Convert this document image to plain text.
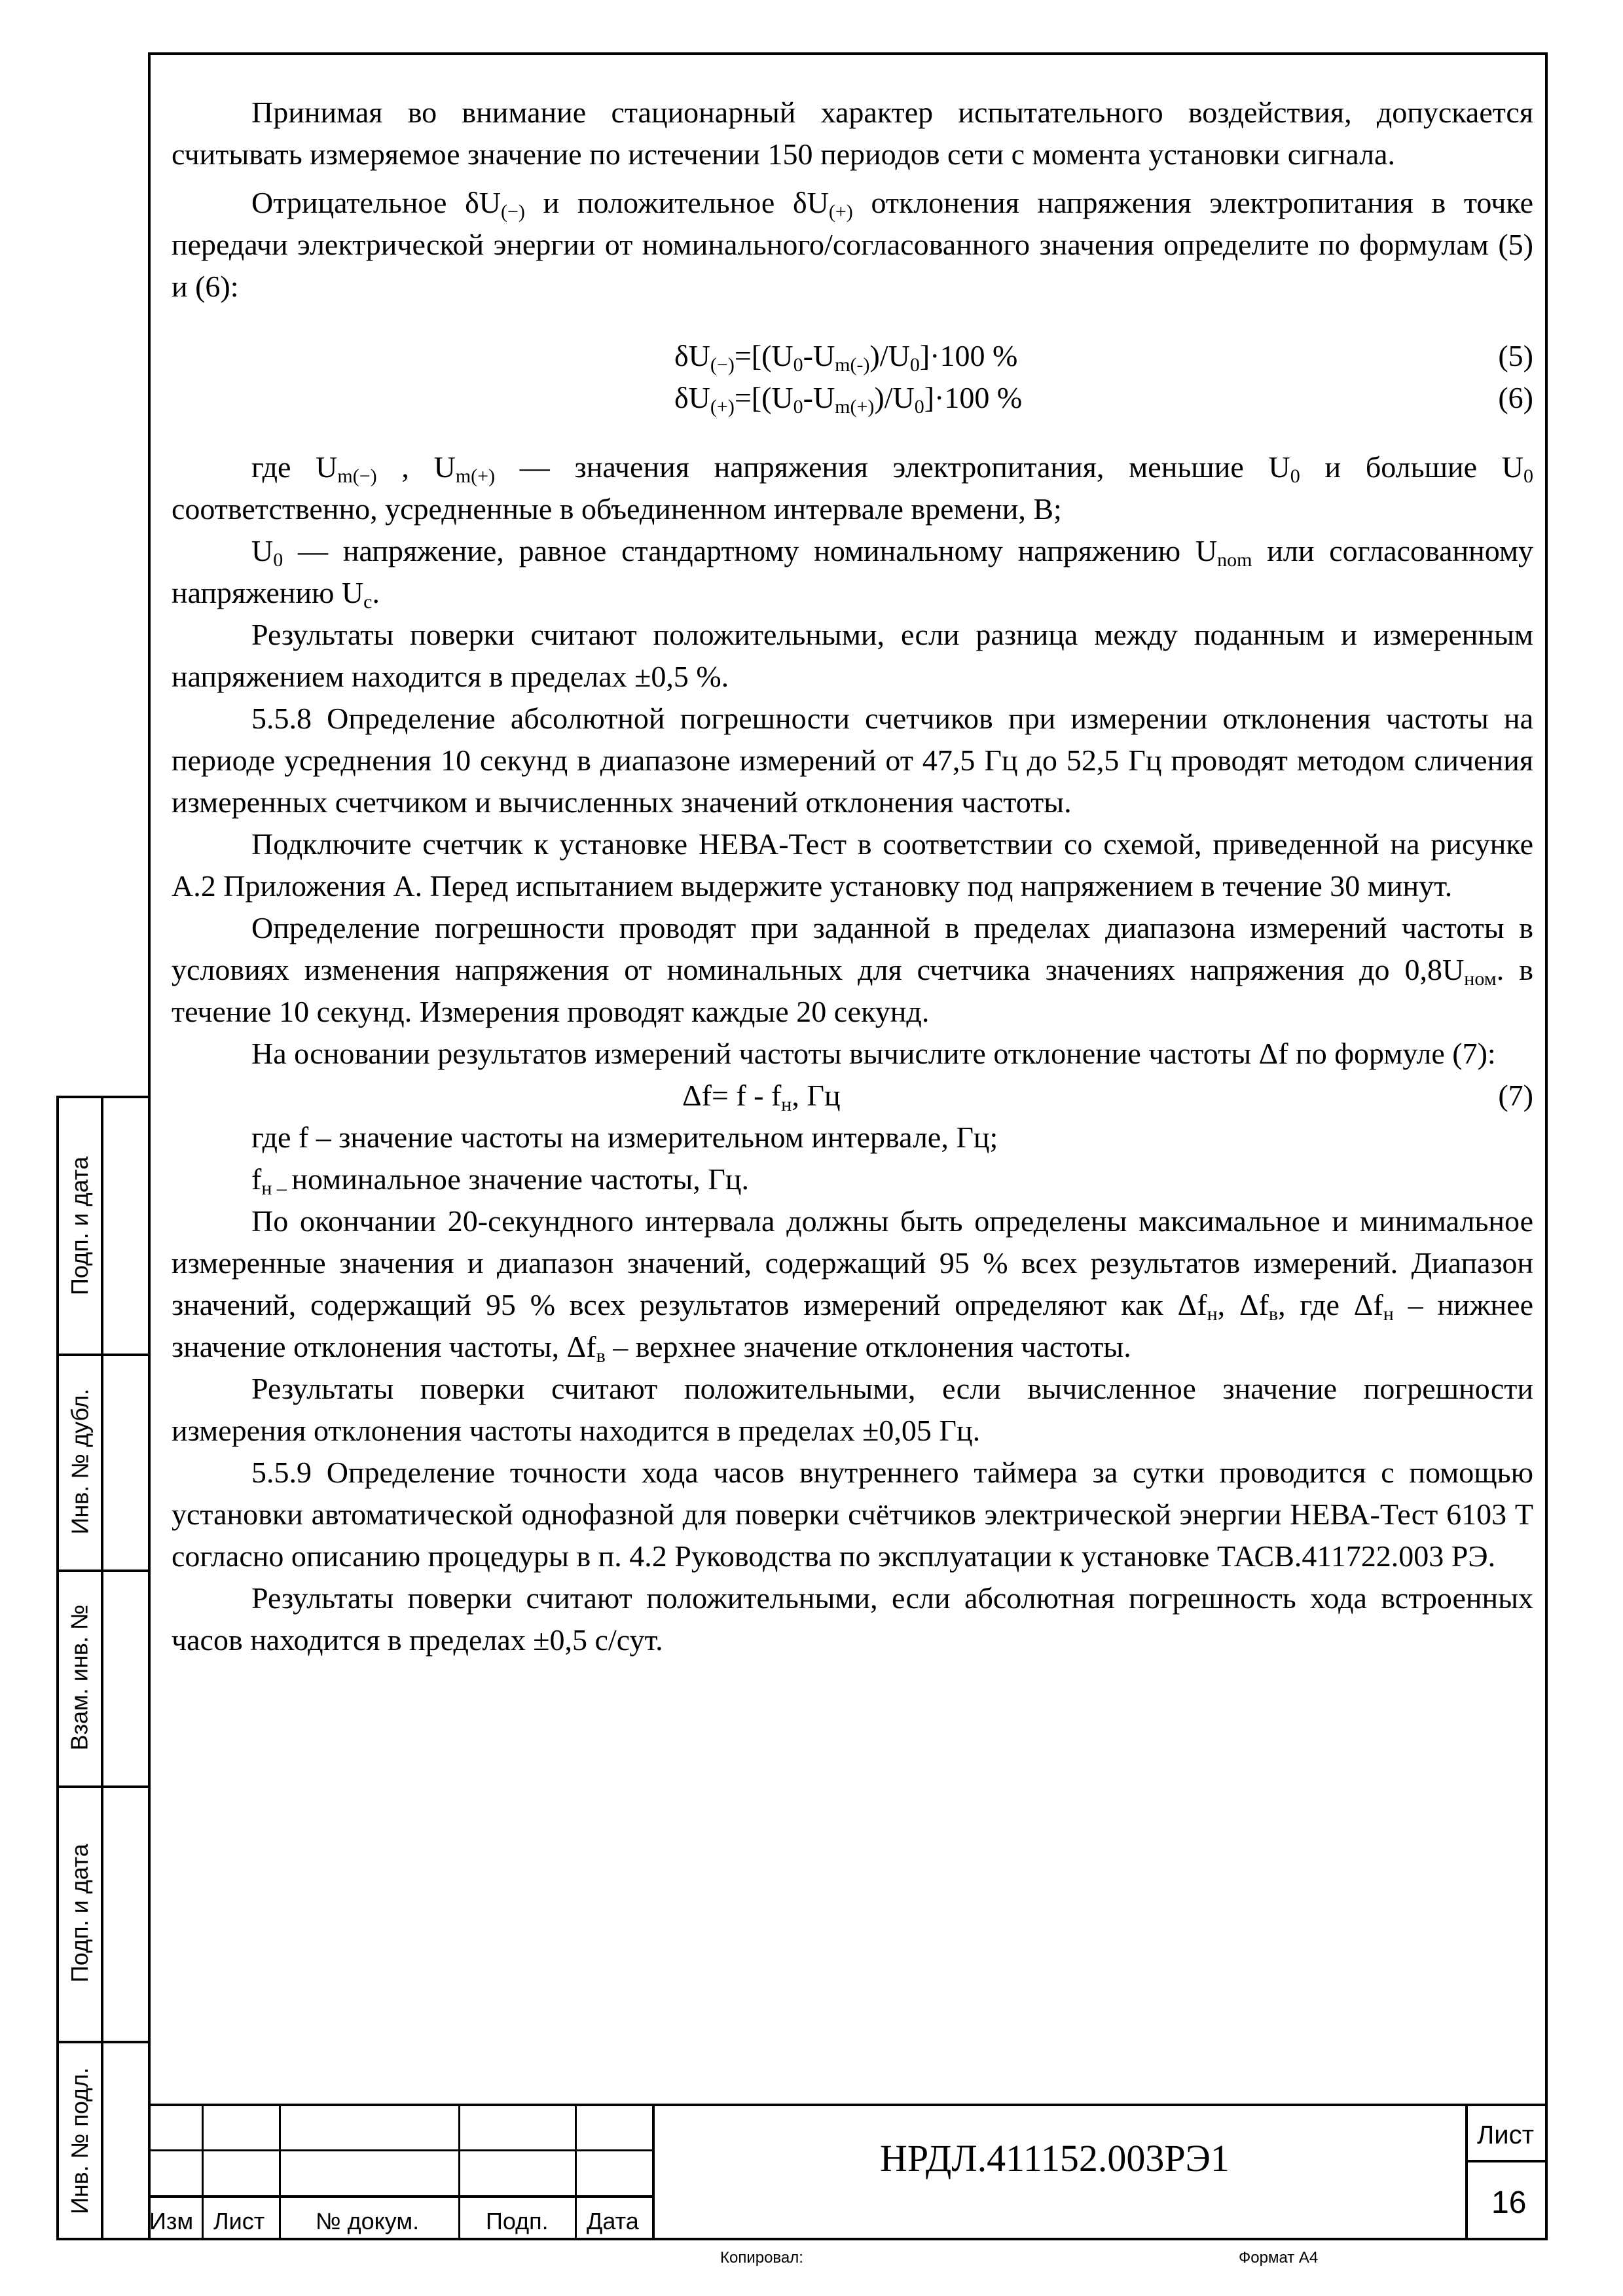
Принимая во внимание стационарный характер испытательного воздействия, допускается считывать измеряемое значение по истечении 150 периодов сети с момента установки сигнала.

Отрицательное $\delta U_{(-)}$ и положительное $\delta U_{(+)}$ отклонения напряжения электропитания в точке передачи электрической энергии от номинального/согласованного значения определите по формулам (5) и (6):

$\delta U_{(-)}=[(U_0-U_{m(-)})/U_0]\cdot 100$ %	(5)
$\delta U_{(+)}=[(U_0-U_{m(+)})/U_0]\cdot 100$ %	(6)

где $U_{m(-)}$ , $U_{m(+)}$ — значения напряжения электропитания, меньшие $U_0$ и большие $U_0$ соответственно, усредненные в объединенном интервале времени, В;

$U_0$ — напряжение, равное стандартному номинальному напряжению $U_{nom}$ или согласованному напряжению $U_c$.

Результаты поверки считают положительными, если разница между поданным и измеренным напряжением находится в пределах ±0,5 %.

5.5.8 Определение абсолютной погрешности счетчиков при измерении отклонения частоты на периоде усреднения 10 секунд в диапазоне измерений от 47,5 Гц до 52,5 Гц проводят методом сличения измеренных счетчиком и вычисленных значений отклонения частоты.

Подключите счетчик к установке НЕВА-Тест в соответствии со схемой, приведенной на рисунке А.2 Приложения А. Перед испытанием выдержите установку под напряжением в течение 30 минут.

Определение погрешности проводят при заданной в пределах диапазона измерений частоты в условиях изменения напряжения от номинальных для счетчика значениях напряжения до $0,8U_{ном}$. в течение 10 секунд. Измерения проводят каждые 20 секунд.

На основании результатов измерений частоты вычислите отклонение частоты Δf по формуле (7):

$\Delta f= f - f_н$, Гц	(7)

где f – значение частоты на измерительном интервале, Гц;

$f_{н -}$ номинальное значение частоты, Гц.

По окончании 20-секундного интервала должны быть определены максимальное и минимальное измеренные значения и диапазон значений, содержащий 95 % всех результатов измерений. Диапазон значений, содержащий 95 % всех результатов измерений определяют как $\Delta f_н$, $\Delta f_в$, где $\Delta f_н$ – нижнее значение отклонения частоты, $\Delta f_в$ – верхнее значение отклонения частоты.

Результаты поверки считают положительными, если вычисленное значение погрешности измерения отклонения частоты находится в пределах ±0,05 Гц.

5.5.9 Определение точности хода часов внутреннего таймера за сутки проводится с помощью установки автоматической однофазной для поверки счётчиков электрической энергии НЕВА-Тест 6103 Т согласно описанию процедуры в п. 4.2 Руководства по эксплуатации к установке ТАСВ.411722.003 РЭ.

Результаты поверки считают положительными, если абсолютная погрешность хода встроенных часов находится в пределах ±0,5 с/сут.

Подп. и дата
Инв. № дубл.
Взам. инв. №
Подп. и дата
Инв. № подл.
Изм Лист № докум.	Подп. Дата
НРДЛ.411152.003РЭ1
Лист
16
Копировал:	Формат А4
